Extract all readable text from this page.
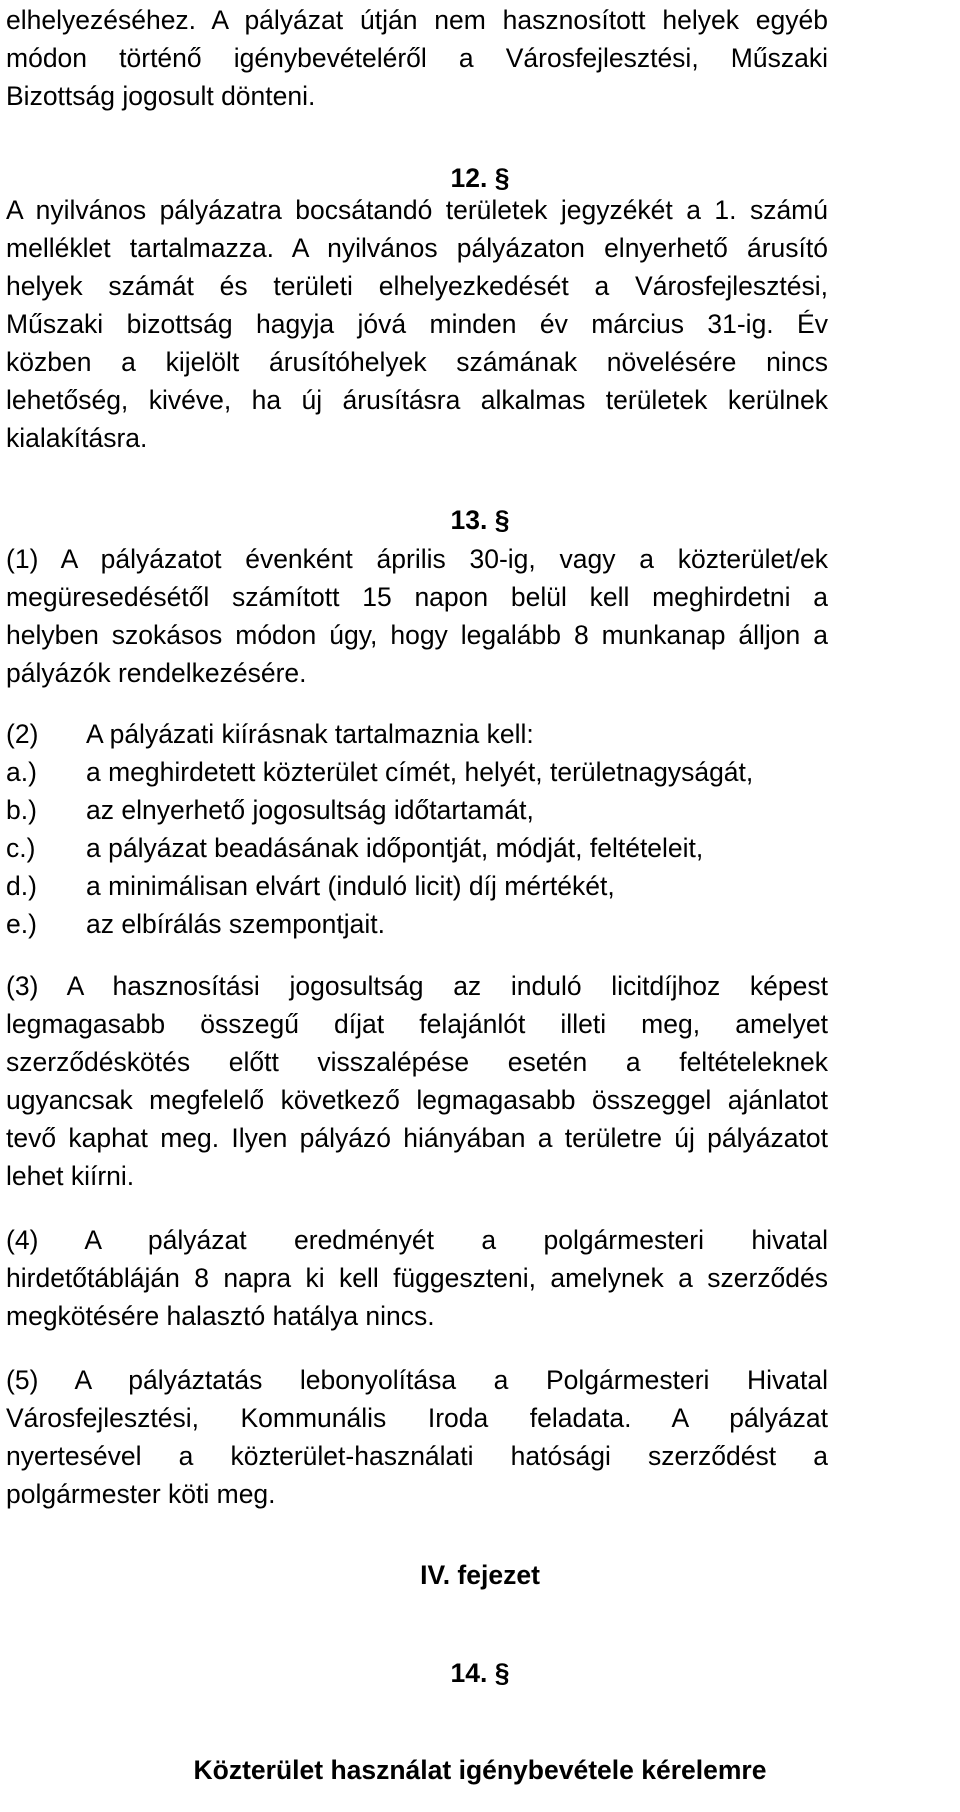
elhelyezéséhez. A pályázat útján nem hasznosított helyek egyéb
módon történő igénybevételéről a Városfejlesztési, Műszaki
Bizottság jogosult dönteni.
12. §
A nyilvános pályázatra bocsátandó területek jegyzékét a 1. számú
melléklet tartalmazza. A nyilvános pályázaton elnyerhető árusító
helyek számát és területi elhelyezkedését a Városfejlesztési,
Műszaki bizottság hagyja jóvá minden év március 31-ig. Év
közben a kijelölt árusítóhelyek számának növelésére nincs
lehetőség, kivéve, ha új árusításra alkalmas területek kerülnek
kialakításra.
13. §
(1) A pályázatot évenként április 30-ig, vagy a közterület/ek
megüresedésétől számított 15 napon belül kell meghirdetni a
helyben szokásos módon úgy, hogy legalább 8 munkanap álljon a
pályázók rendelkezésére.
(2)	A pályázati kiírásnak tartalmaznia kell:
a.)	a meghirdetett közterület címét, helyét, területnagyságát,
b.)	az elnyerhető jogosultság időtartamát,
c.)	a pályázat beadásának időpontját, módját, feltételeit,
d.)	a minimálisan elvárt (induló licit) díj mértékét,
e.)	az elbírálás szempontjait.
(3) A hasznosítási jogosultság az induló licitdíjhoz képest
legmagasabb összegű díjat felajánlót illeti meg, amelyet
szerződéskötés előtt visszalépése esetén a feltételeknek
ugyancsak megfelelő következő legmagasabb összeggel ajánlatot
tevő kaphat meg. Ilyen pályázó hiányában a területre új pályázatot
lehet kiírni.
(4) A pályázat eredményét a polgármesteri hivatal
hirdetőtábláján 8 napra ki kell függeszteni, amelynek a szerződés
megkötésére halasztó hatálya nincs.
(5) A pályáztatás lebonyolítása a Polgármesteri Hivatal
Városfejlesztési, Kommunális Iroda feladata. A pályázat
nyertesével a közterület-használati hatósági szerződést a
polgármester köti meg.
IV. fejezet
14. §
Közterület használat igénybevétele kérelemre
